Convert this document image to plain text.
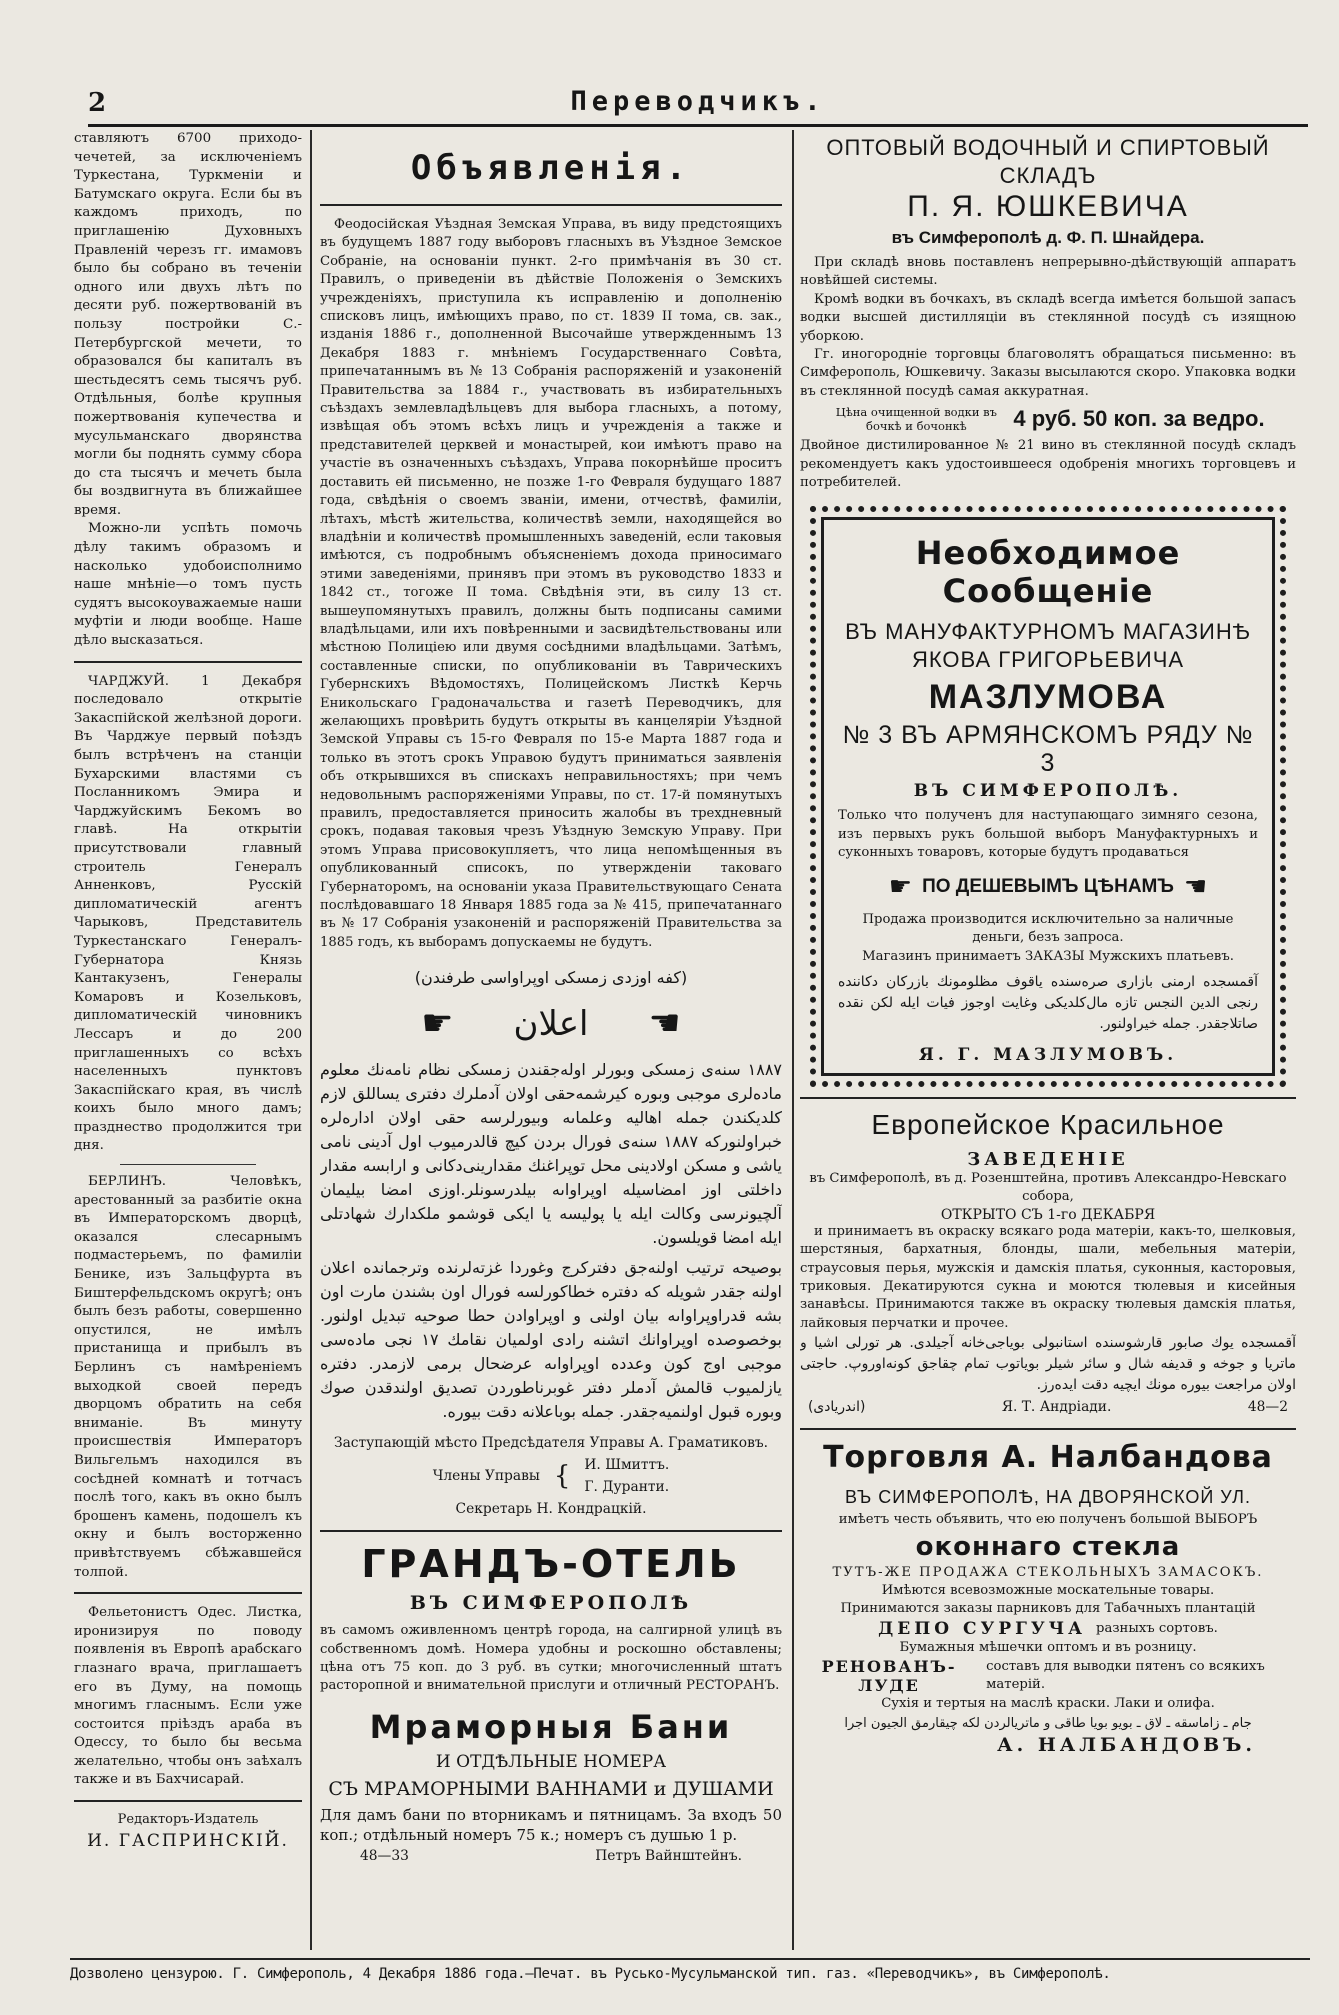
2	Переводчикъ.

ставляютъ 6700 приходо-чечетей, за исключеніемъ Туркестана, Туркменіи и Батумскаго округа. Если бы въ каждомъ приходъ, по приглашенію Духовныхъ Правленій черезъ гг. имамовъ было бы собрано въ теченіи одного или двухъ лѣтъ по десяти руб. пожертвованій въ пользу постройки С.-Петербургской мечети, то образовался бы капиталъ въ шестьдесятъ семь тысячъ руб. Отдѣльныя, болѣе крупныя пожертвованія купечества и мусульманскаго дворянства могли бы поднять сумму сбора до ста тысячъ и мечеть была бы воздвигнута въ ближайшее время.

Можно-ли успѣть помочь дѣлу такимъ образомъ и насколько удобоисполнимо наше мнѣніе—о томъ пусть судятъ высокоуважаемые наши муфтіи и люди вообще. Наше дѣло высказаться.

ЧАРДЖУЙ. 1 Декабря последовало открытіе Закаспійской желѣзной дороги. Въ Чарджуе первый поѣздъ былъ встрѣченъ на станціи Бухарскими властями съ Посланникомъ Эмира и Чарджуйскимъ Бекомъ во главѣ. На открытіи присутствовали главный строитель Генералъ Анненковъ, Русскій дипломатическій агентъ Чарыковъ, Представитель Туркестанскаго Генералъ-Губернатора Князь Кантакузенъ, Генералы Комаровъ и Козельковъ, дипломатическій чиновникъ Лессаръ и до 200 приглашенныхъ со всѣхъ населенныхъ пунктовъ Закаспійскаго края, въ числѣ коихъ было много дамъ; празднество продолжится три дня.

БЕРЛИНЪ. Человѣкъ, арестованный за разбитіе окна въ Императорскомъ дворцѣ, оказался слесарнымъ подмастерьемъ, по фамиліи Бенике, изъ Зальцфурта въ Биштерфельдскомъ округѣ; онъ былъ безъ работы, совершенно опустился, не имѣлъ пристанища и прибылъ въ Берлинъ съ намѣреніемъ выходкой своей передъ дворцомъ обратить на себя вниманіе. Въ минуту происшествія Императоръ Вильгельмъ находился въ сосѣдней комнатѣ и тотчасъ послѣ того, какъ въ окно былъ брошенъ камень, подошелъ къ окну и былъ восторженно привѣтствуемъ сбѣжавшейся толпой.

Фельетонистъ Одес. Листка, иронизируя по поводу появленія въ Европѣ арабскаго глазнаго врача, приглашаетъ его въ Думу, на помощь многимъ гласнымъ. Если уже состоится пріѣздъ араба въ Одессу, то было бы весьма желательно, чтобы онъ заѣхалъ также и въ Бахчисарай.

Редакторъ-Издатель
И. ГАСПРИНСКІЙ.
Объявленія.

Феодосійская Уѣздная Земская Управа, въ виду предстоящихъ въ будущемъ 1887 году выборовъ гласныхъ въ Уѣздное Земское Собраніе, на основаніи пункт. 2-го примѣчанія въ 30 ст. Правилъ, о приведеніи въ дѣйствіе Положенія о Земскихъ учрежденіяхъ, приступила къ исправленію и дополненію списковъ лицъ, имѣющихъ право, по ст. 1839 II тома, св. зак., изданія 1886 г., дополненной Высочайше утвержденнымъ 13 Декабря 1883 г. мнѣніемъ Государственнаго Совѣта, припечатаннымъ въ № 13 Собранія распоряженій и узаконеній Правительства за 1884 г., участвовать въ избирательныхъ съѣздахъ землевладѣльцевъ для выбора гласныхъ, а потому, извѣщая объ этомъ всѣхъ лицъ и учрежденія а также и представителей церквей и монастырей, кои имѣютъ право на участіе въ означенныхъ съѣздахъ, Управа покорнѣйше проситъ доставить ей письменно, не позже 1-го Февраля будущаго 1887 года, свѣдѣнія о своемъ званіи, имени, отчествѣ, фамиліи, лѣтахъ, мѣстѣ жительства, количествѣ земли, находящейся во владѣніи и количествѣ промышленныхъ заведеній, если таковыя имѣются, съ подробнымъ объясненіемъ дохода приносимаго этими заведеніями, принявъ при этомъ въ руководство 1833 и 1842 ст., тогоже II тома. Свѣдѣнія эти, въ силу 13 ст. вышеупомянутыхъ правилъ, должны быть подписаны самими владѣльцами, или ихъ повѣренными и засвидѣтельствованы или мѣстною Полиціею или двумя сосѣдними владѣльцами. Затѣмъ, составленные списки, по опубликованіи въ Таврическихъ Губернскихъ Вѣдомостяхъ, Полицейскомъ Листкѣ Керчь Еникольскаго Градоначальства и газетѣ Переводчикъ, для желающихъ провѣрить будутъ открыты въ канцеляріи Уѣздной Земской Управы съ 15-го Февраля по 15-е Марта 1887 года и только въ этотъ срокъ Управою будутъ приниматься заявленія объ открывшихся въ спискахъ неправильностяхъ; при чемъ недовольнымъ распоряженіями Управы, по ст. 17-й помянутыхъ правилъ, предоставляется приносить жалобы въ трехдневный срокъ, подавая таковыя чрезъ Уѣздную Земскую Управу. При этомъ Управа присовокупляетъ, что лица непомѣщенныя въ опубликованный списокъ, по утвержденіи таковаго Губернаторомъ, на основаніи указа Правительствующаго Сената послѣдовавшаго 18 Января 1885 года за № 415, припечатаннаго въ № 17 Собранія узаконеній и распоряженій Правительства за 1885 годъ, къ выборамъ допускаемы не будутъ.

(كفه اوزدى زمسكى اوپراواسى طرفندن)

☛ اعلان ☚

١٨٨٧ سنه‌ى زمسكى وبورلر اولەجقندن زمسكى نظام نامه‌نك معلوم ماده‌لرى موجبى وبوره كيرشمه‌حقى اولان آدملرك دفترى يساللق لازم كلديكندن جمله اهاليه وعلماىه وبيورلرسه حقى اولان ادارەلره خبراولنوركه ١٨٨٧ سنه‌ى فورال بردن كيچ قالدرميوب اول آدينى نامى ياشى و مسكن اولادينى محل توپراغنك مقدارينى‌دكانى و ارابسه مقدار داخلتى اوز امضاسيله اوپراواىه بيلدرسونلر.اوزى امضا بيليمان آلچيونرسى وكالت ايله يا پوليسه يا ايكى قوشمو ملكدارك شهادتلى ايله امضا قويلسون.

بوصيحه ترتيب اولنەجق دفتركرج وغوردا غزتەلرنده وترجمانده اعلان اولنه جقدر شويله كه دفتره خطاكورلسه فورال اون بشندن مارت اون بشه قدراوپراواىه بيان اولنى و اوپراوادن حطا صوحيه تبديل اولنور. بوخصوصده اوپراوانك اتشنه رادى اولميان نقامك ١٧ نجى ماده‌سى موجبى اوج كون وعدده اوپراواىه عرضحال برمى لازمدر. دفتره يازلميوب قالمش آدملر دفتر غوبرناطوردن تصديق اولندقدن صوك وبوره قبول اولنميەجقدر. جمله بوباعلانه دقت بيوره.

Заступающій мѣсто Предсѣдателя Управы А. Граматиковъ.
Члены Управы { И. Шмиттъ.
Г. Дуранти.
Секретарь Н. Кондрацкій.
ГРАНДЪ-ОТЕЛЬ
ВЪ СИМФЕРОПОЛѢ

въ самомъ оживленномъ центрѣ города, на салгирной улицѣ въ собственномъ домѣ. Номера удобны и роскошно обставлены; цѣна отъ 75 коп. до 3 руб. въ сутки; многочисленный штатъ расторопной и внимательной прислуги и отличный РЕСТОРАНЪ.

Мраморныя Бани
И ОТДѢЛЬНЫЕ НОМЕРА
СЪ МРАМОРНЫМИ ВАННАМИ и ДУШАМИ

Для дамъ бани по вторникамъ и пятницамъ. За входъ 50 коп.; отдѣльный номеръ 75 к.; номеръ съ душью 1 р.

48—33	Петръ Вайнштейнъ.
ОПТОВЫЙ ВОДОЧНЫЙ И СПИРТОВЫЙ СКЛАДЪ
П. Я. ЮШКЕВИЧА
въ Симферополѣ д. Ф. П. Шнайдера.

При складѣ вновь поставленъ непрерывно-дѣйствующій аппаратъ новѣйшей системы.

Кромѣ водки въ бочкахъ, въ складѣ всегда имѣется большой запасъ водки высшей дистилляціи въ стеклянной посудѣ съ изящною уборкою.

Гг. иногородніе торговцы благоволятъ обращаться письменно: въ Симферополь, Юшкевичу. Заказы высылаются скоро. Упаковка водки въ стеклянной посудѣ самая аккуратная.

Цѣна очищенной водки въ бочкѣ и бочонкѣ	4 руб. 50 коп. за ведро.

Двойное дистилированное № 21 вино въ стеклянной посудѣ складъ рекомендуетъ какъ удостоившееся одобренія многихъ торговцевъ и потребителей.

Необходимое Сообщеніе
ВЪ МАНУФАКТУРНОМЪ МАГАЗИНѢ
ЯКОВА ГРИГОРЬЕВИЧА
МАЗЛУМОВА
№ 3 ВЪ АРМЯНСКОМЪ РЯДУ № 3
ВЪ СИМФЕРОПОЛѢ.

Только что полученъ для наступающаго зимняго сезона, изъ первыхъ рукъ большой выборъ Мануфактурныхъ и суконныхъ товаровъ, которые будутъ продаваться

☛ ПО ДЕШЕВЫМЪ ЦѢНАМЪ ☚

Продажа производится исключительно за наличные деньги, безъ запроса.

Магазинъ принимаетъ ЗАКАЗЫ Мужскихъ платьевъ.

آقمسجده ارمنى بازارى صره‌سنده ياقوف مظلومونك بازركان دكاننده رنجى الدين النجس تازه مال‌كلديكى وغايت اوجوز فيات ايله لكن نقده صاتلاجقدر. جمله خيراولنور.

Я. Г. МАЗЛУМОВЪ.
Европейское Красильное
ЗАВЕДЕНІЕ
въ Симферополѣ, въ д. Розенштейна, противъ Александро-Невскаго собора,
ОТКРЫТО СЪ 1-го ДЕКАБРЯ

и принимаетъ въ окраску всякаго рода матеріи, какъ-то, шелковыя, шерстяныя, бархатныя, блонды, шали, мебельныя матеріи, страусовыя перья, мужскія и дамскія платья, суконныя, касторовыя, триковыя. Декатируются сукна и моются тюлевыя и кисейныя занавѣсы. Принимаются также въ окраску тюлевыя дамскія платья, лайковыя перчатки и прочее.

آقمسجده يوك صابور قارشوسنده استانبولى بوياجى‌خانه آجيلدى. هر تورلى اشيا و ماتريا و جوخه و قديفه شال و سائر شيلر بوياتوب تمام چقاجق كونه‌اوروپ. حاجتى اولان مراجعت بيوره مونك ايچيه دقت ايدەرز.

(اندريادى)	Я. Т. Андріади.	48—2
Торговля А. Налбандова
ВЪ СИМФЕРОПОЛѢ, НА ДВОРЯНСКОЙ УЛ.
имѣетъ честь объявить, что ею полученъ большой ВЫБОРЪ
оконнаго стекла
ТУТЪ-ЖЕ ПРОДАЖА СТЕКОЛЬНЫХЪ ЗАМАСОКЪ.
Имѣются всевозможные москательные товары.
Принимаются заказы парниковъ для Табачныхъ плантацій
ДЕПО СУРГУЧА разныхъ сортовъ.
Бумажныя мѣшечки оптомъ и въ розницу.
РЕНОВАНЪ-ЛУДЕ
составъ для выводки пятенъ со всякихъ матерій.
Сухія и тертыя на маслѣ краски. Лаки и олифа.

جام ـ زاماسقه ـ لاق ـ بويو بويا طاقى و ماتريالردن لكه چيقارمق الجيون اجرا

А. НАЛБАНДОВЪ.
Дозволено цензурою. Г. Симферополь, 4 Декабря 1886 года.—Печат. въ Русько-Мусульманской тип. газ. «Переводчикъ», въ Симферополѣ.
